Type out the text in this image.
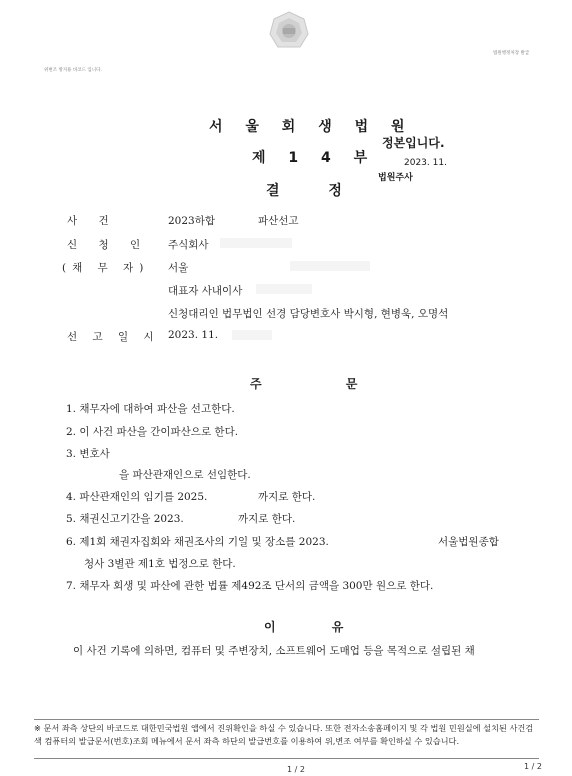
위변조 방지용 바코드 입니다.
법원행정처장 발급
서 울 회 생 법 원
제 1 4 부
결 정
정본입니다.
2023. 11.
법원주사
사 건	2023하합	파산선고
신 청 인 주식회사
(채 무 자) 서울
대표자 사내이사
신청대리인 법무법인 선경 담당변호사 박시형, 현병욱, 오명석
선 고 일 시 2023. 11.
주 문
1. 채무자에 대하여 파산을 선고한다.
2. 이 사건 파산을 간이파산으로 한다.
3. 변호사
을 파산관재인으로 선임한다.
4. 파산관재인의 임기를 2025.	까지로 한다.
5. 채권신고기간을 2023.	까지로 한다.
6. 제1회 채권자집회와 채권조사의 기일 및 장소를 2023.	서울법원종합
청사 3별관 제1호 법정으로 한다.
7. 채무자 회생 및 파산에 관한 법률 제492조 단서의 금액을 300만 원으로 한다.
이 유
이 사건 기록에 의하면, 컴퓨터 및 주변장치, 소프트웨어 도매업 등을 목적으로 설립된 채
※ 문서 좌측 상단의 바코드로 대한민국법원 앱에서 진위확인을 하실 수 있습니다. 또한 전자소송홈페이지 및 각 법원 민원실에 설치된 사건검색 컴퓨터의 발급문서(번호)조회 메뉴에서 문서 좌측 하단의 발급번호를 이용하여 위,변조 여부를 확인하실 수 있습니다.
1 / 2	1 / 2
